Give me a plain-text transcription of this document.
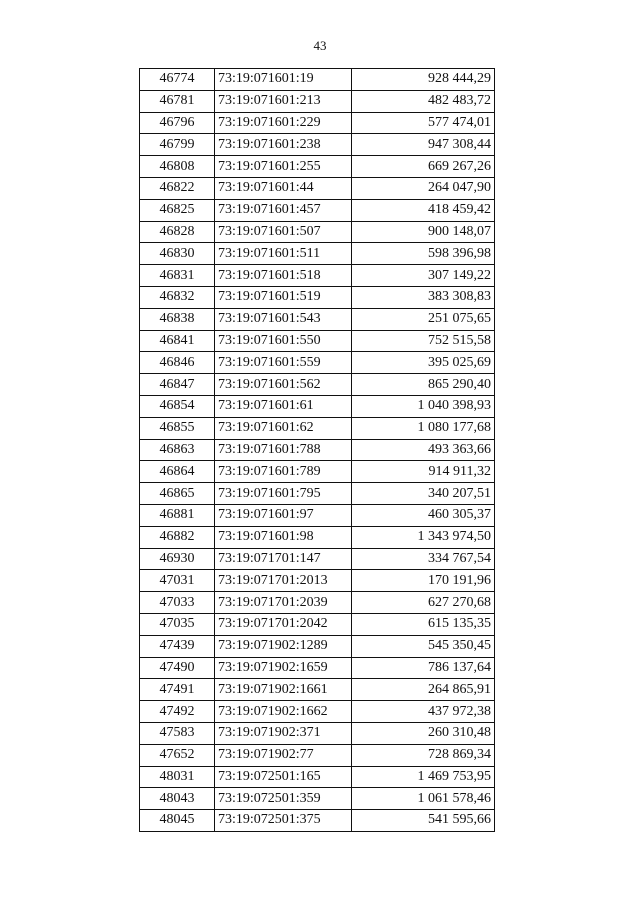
43
46774	73:19:071601:19	928 444,29
46781	73:19:071601:213	482 483,72
46796	73:19:071601:229	577 474,01
46799	73:19:071601:238	947 308,44
46808	73:19:071601:255	669 267,26
46822	73:19:071601:44	264 047,90
46825	73:19:071601:457	418 459,42
46828	73:19:071601:507	900 148,07
46830	73:19:071601:511	598 396,98
46831	73:19:071601:518	307 149,22
46832	73:19:071601:519	383 308,83
46838	73:19:071601:543	251 075,65
46841	73:19:071601:550	752 515,58
46846	73:19:071601:559	395 025,69
46847	73:19:071601:562	865 290,40
46854	73:19:071601:61	1 040 398,93
46855	73:19:071601:62	1 080 177,68
46863	73:19:071601:788	493 363,66
46864	73:19:071601:789	914 911,32
46865	73:19:071601:795	340 207,51
46881	73:19:071601:97	460 305,37
46882	73:19:071601:98	1 343 974,50
46930	73:19:071701:147	334 767,54
47031	73:19:071701:2013	170 191,96
47033	73:19:071701:2039	627 270,68
47035	73:19:071701:2042	615 135,35
47439	73:19:071902:1289	545 350,45
47490	73:19:071902:1659	786 137,64
47491	73:19:071902:1661	264 865,91
47492	73:19:071902:1662	437 972,38
47583	73:19:071902:371	260 310,48
47652	73:19:071902:77	728 869,34
48031	73:19:072501:165	1 469 753,95
48043	73:19:072501:359	1 061 578,46
48045	73:19:072501:375	541 595,66
